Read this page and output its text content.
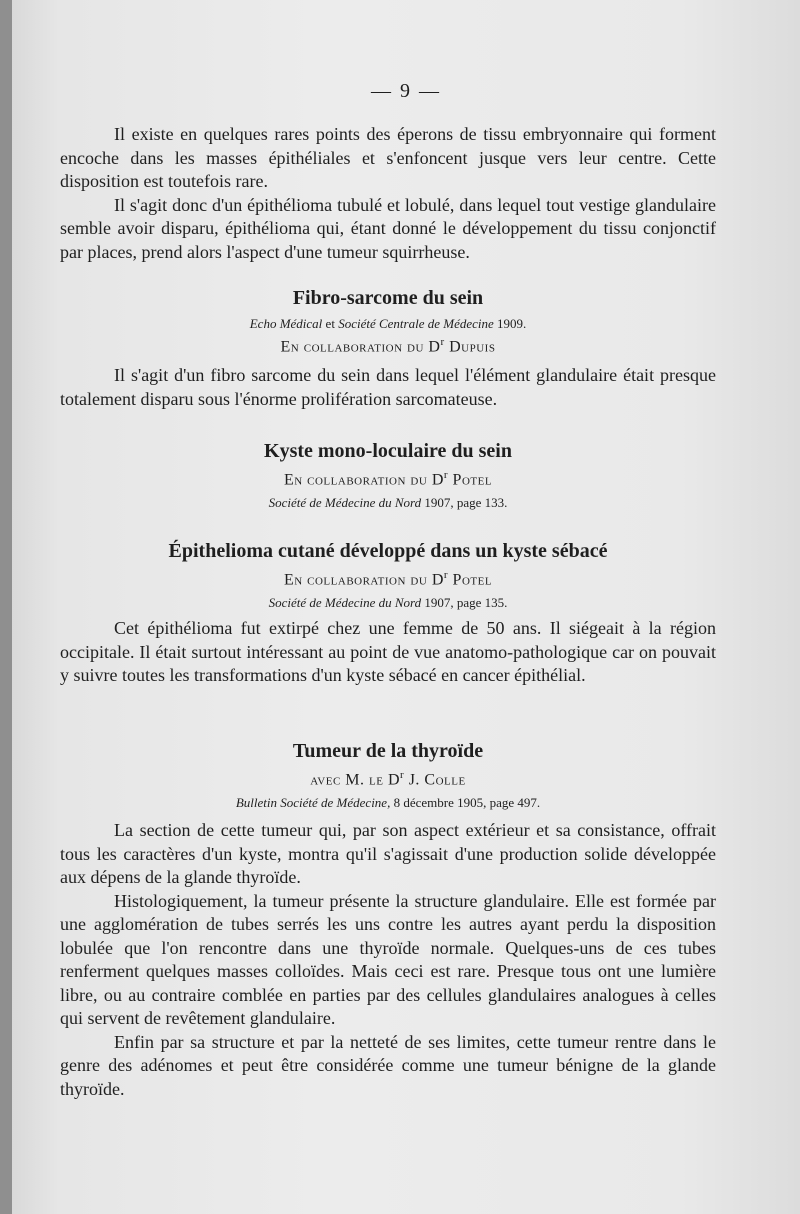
— 9 —

Il existe en quelques rares points des éperons de tissu embryonnaire qui forment encoche dans les masses épithéliales et s'enfoncent jusque vers leur centre. Cette disposition est toutefois rare.

Il s'agit donc d'un épithélioma tubulé et lobulé, dans lequel tout vestige glandulaire semble avoir disparu, épithélioma qui, étant donné le développement du tissu conjonctif par places, prend alors l'aspect d'une tumeur squirrheuse.

Fibro-sarcome du sein
Echo Médical et Société Centrale de Médecine 1909.
En collaboration du $D^r$ Dupuis

Il s'agit d'un fibro sarcome du sein dans lequel l'élément glandulaire était presque totalement disparu sous l'énorme prolifération sarcomateuse.

Kyste mono-loculaire du sein
En collaboration du $D^r$ Potel
Société de Médecine du Nord 1907, page 133.
Épithelioma cutané développé dans un kyste sébacé
En collaboration du $D^r$ Potel
Société de Médecine du Nord 1907, page 135.

Cet épithélioma fut extirpé chez une femme de 50 ans. Il siégeait à la région occipitale. Il était surtout intéressant au point de vue anatomo-pathologique car on pouvait y suivre toutes les transformations d'un kyste sébacé en cancer épithélial.

Tumeur de la thyroïde
avec M. le $D^r$ J. Colle
Bulletin Société de Médecine, 8 décembre 1905, page 497.

La section de cette tumeur qui, par son aspect extérieur et sa consistance, offrait tous les caractères d'un kyste, montra qu'il s'agissait d'une production solide développée aux dépens de la glande thyroïde.

Histologiquement, la tumeur présente la structure glandulaire. Elle est formée par une agglomération de tubes serrés les uns contre les autres ayant perdu la disposition lobulée que l'on rencontre dans une thyroïde normale. Quelques-uns de ces tubes renferment quelques masses colloïdes. Mais ceci est rare. Presque tous ont une lumière libre, ou au contraire comblée en parties par des cellules glandulaires analogues à celles qui servent de revêtement glandulaire.

Enfin par sa structure et par la netteté de ses limites, cette tumeur rentre dans le genre des adénomes et peut être considérée comme une tumeur bénigne de la glande thyroïde.
